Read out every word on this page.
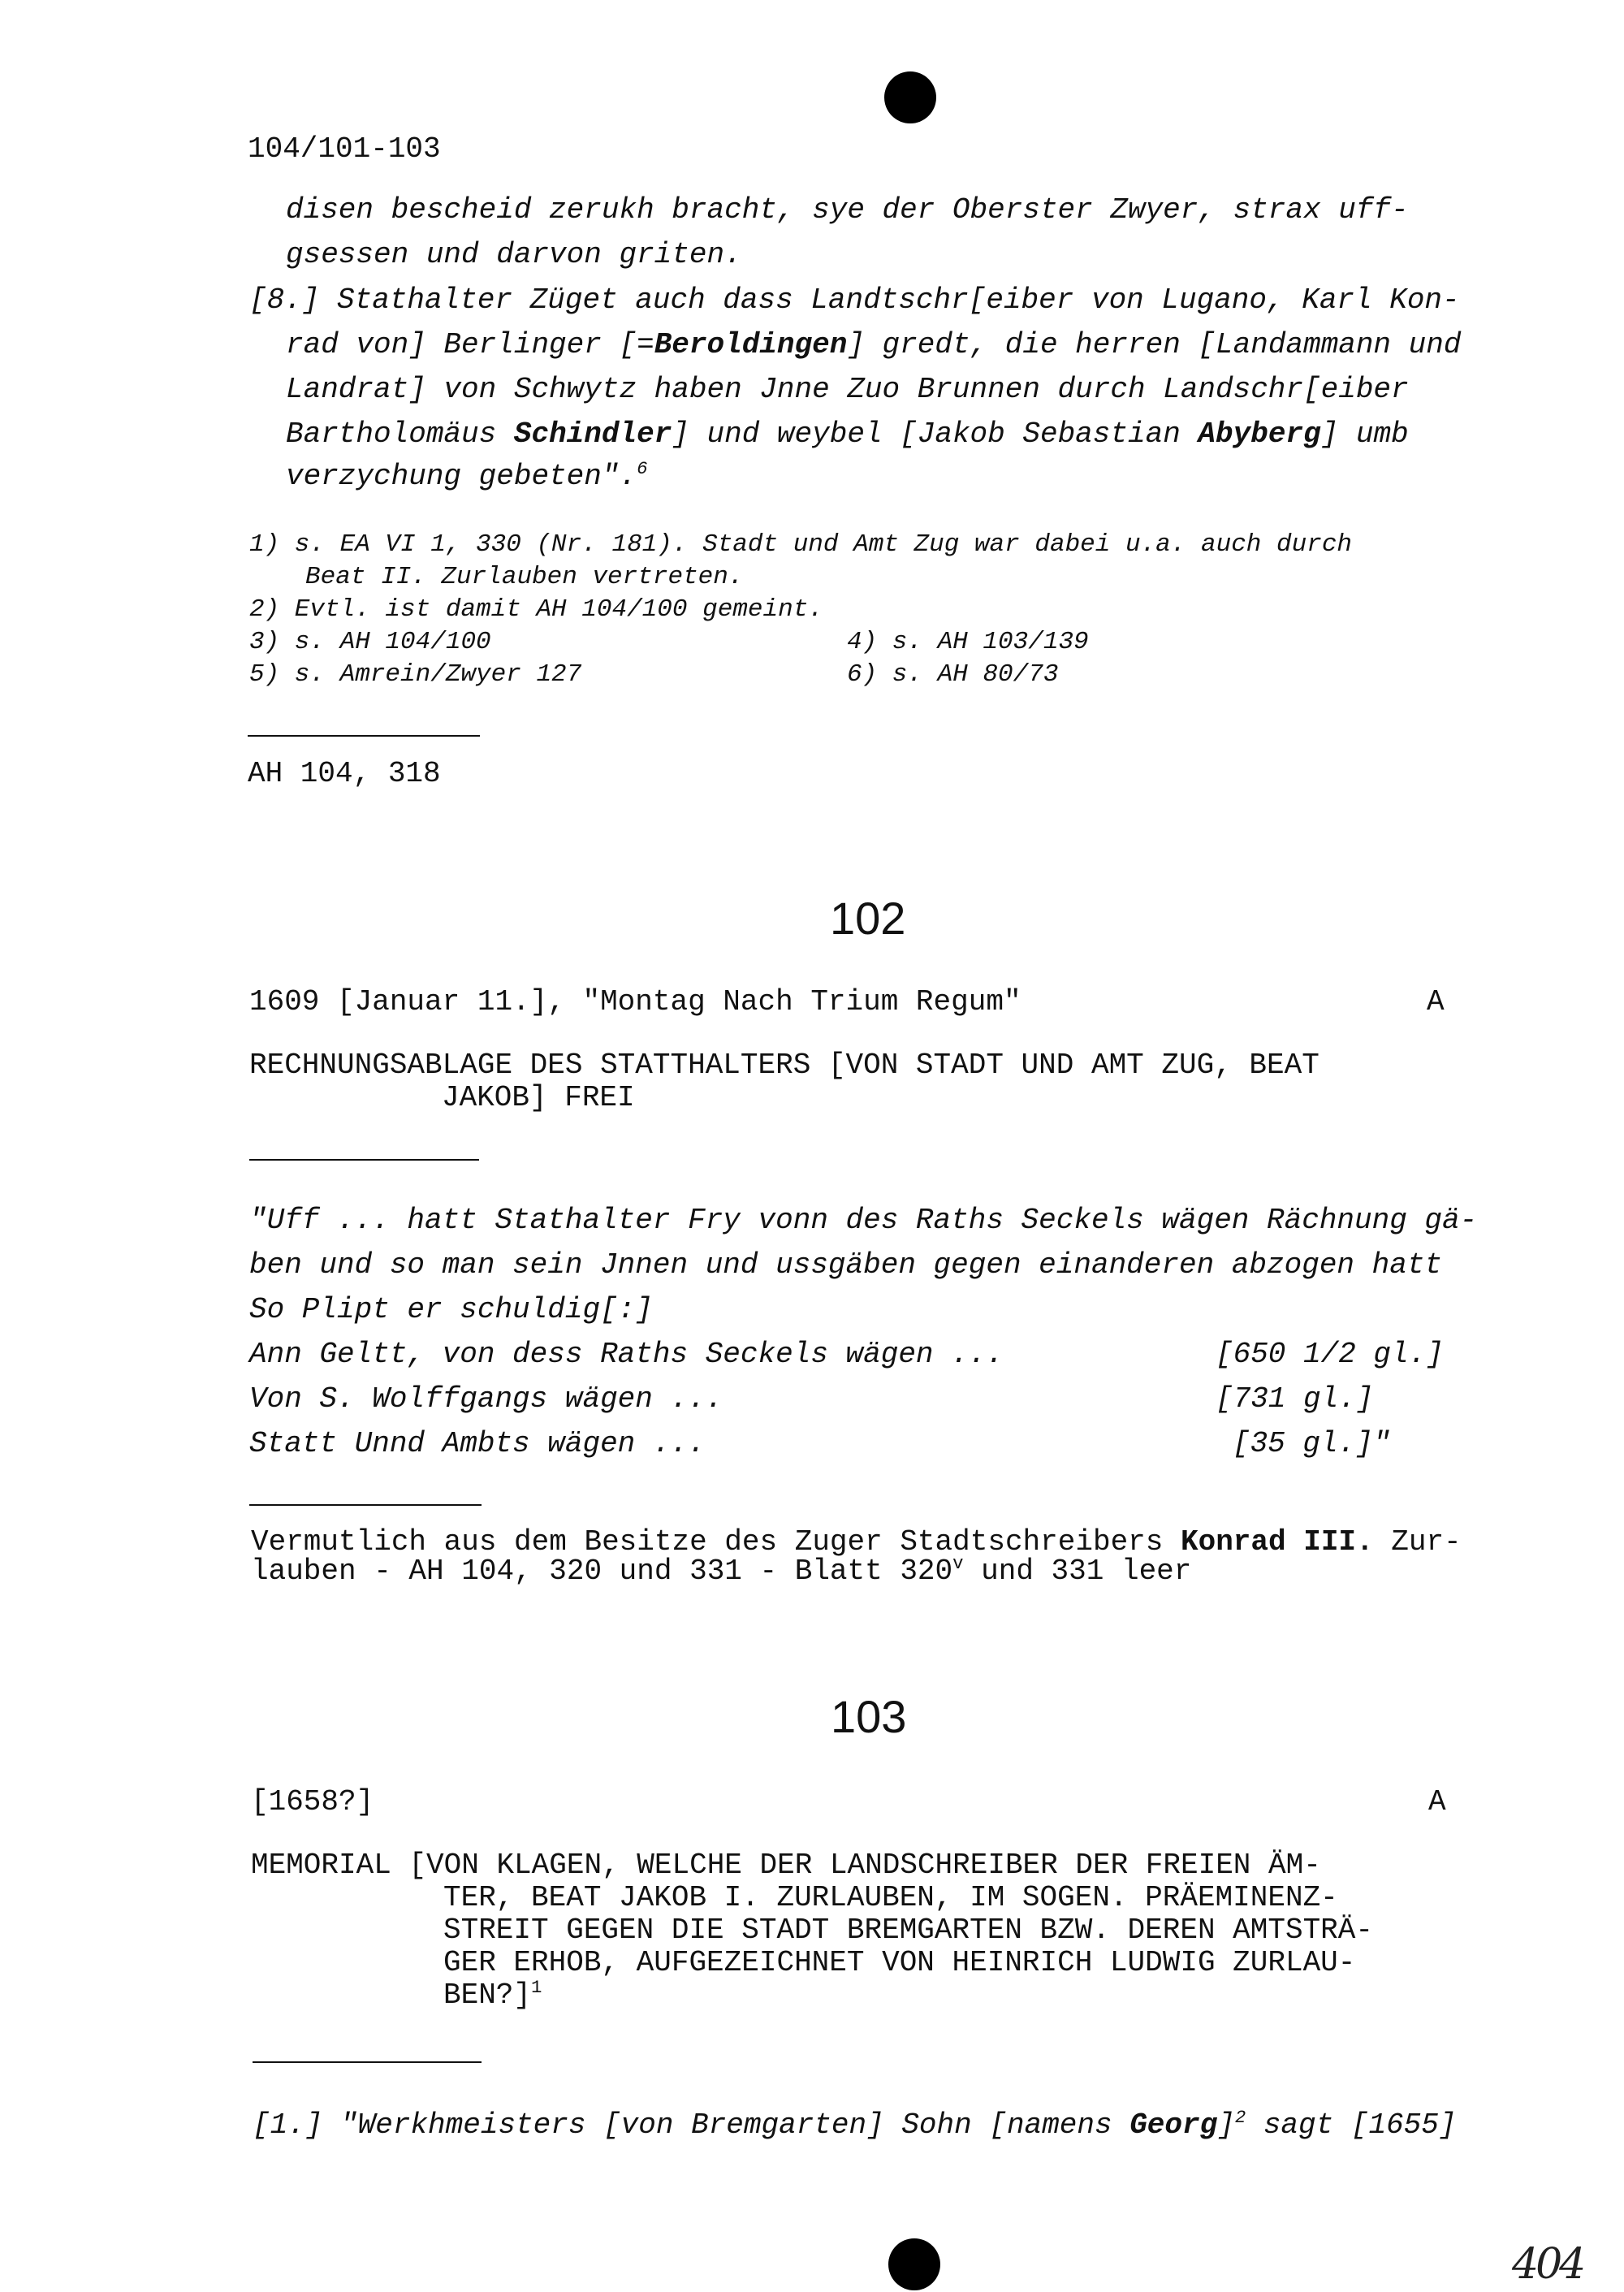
104/101-103
disen bescheid zerukh bracht, sye der Oberster Zwyer, strax uff-
gsessen und darvon griten.
[8.] Stathalter Züget auch dass Landtschr[eiber von Lugano, Karl Kon-
rad von] Berlinger [=Beroldingen] gredt, die herren [Landammann und
Landrat] von Schwytz haben Jnne Zuo Brunnen durch Landschr[eiber
Bartholomäus Schindler] und weybel [Jakob Sebastian Abyberg] umb
verzychung gebeten".$^6$
1) s. EA VI 1, 330 (Nr. 181). Stadt und Amt Zug war dabei u.a. auch durch
Beat II. Zurlauben vertreten.
2) Evtl. ist damit AH 104/100 gemeint.
3) s. AH 104/100	4) s. AH 103/139
5) s. Amrein/Zwyer 127	6) s. AH 80/73
AH 104, 318
102
1609 [Januar 11.], "Montag Nach Trium Regum"	A
RECHNUNGSABLAGE DES STATTHALTERS [VON STADT UND AMT ZUG, BEAT
JAKOB] FREI
"Uff ... hatt Stathalter Fry vonn des Raths Seckels wägen Rächnung gä-
ben und so man sein Jnnen und ussgäben gegen einanderen abzogen hatt
So Plipt er schuldig[:]
Ann Geltt, von dess Raths Seckels wägen ...	[650 1/2 gl.]
Von S. Wolffgangs wägen ...	[731 gl.]
Statt Unnd Ambts wägen ...	[35 gl.]"
Vermutlich aus dem Besitze des Zuger Stadtschreibers Konrad III. Zur-
lauben - AH 104, 320 und 331 - Blatt 320$^v$ und 331 leer
103
[1658?]	A
MEMORIAL [VON KLAGEN, WELCHE DER LANDSCHREIBER DER FREIEN ÄM-
TER, BEAT JAKOB I. ZURLAUBEN, IM SOGEN. PRÄEMINENZ-
STREIT GEGEN DIE STADT BREMGARTEN BZW. DEREN AMTSTRÄ-
GER ERHOB, AUFGEZEICHNET VON HEINRICH LUDWIG ZURLAU-
BEN?]$^1$
[1.] "Werkhmeisters [von Bremgarten] Sohn [namens Georg]$^2$ sagt [1655]
404
